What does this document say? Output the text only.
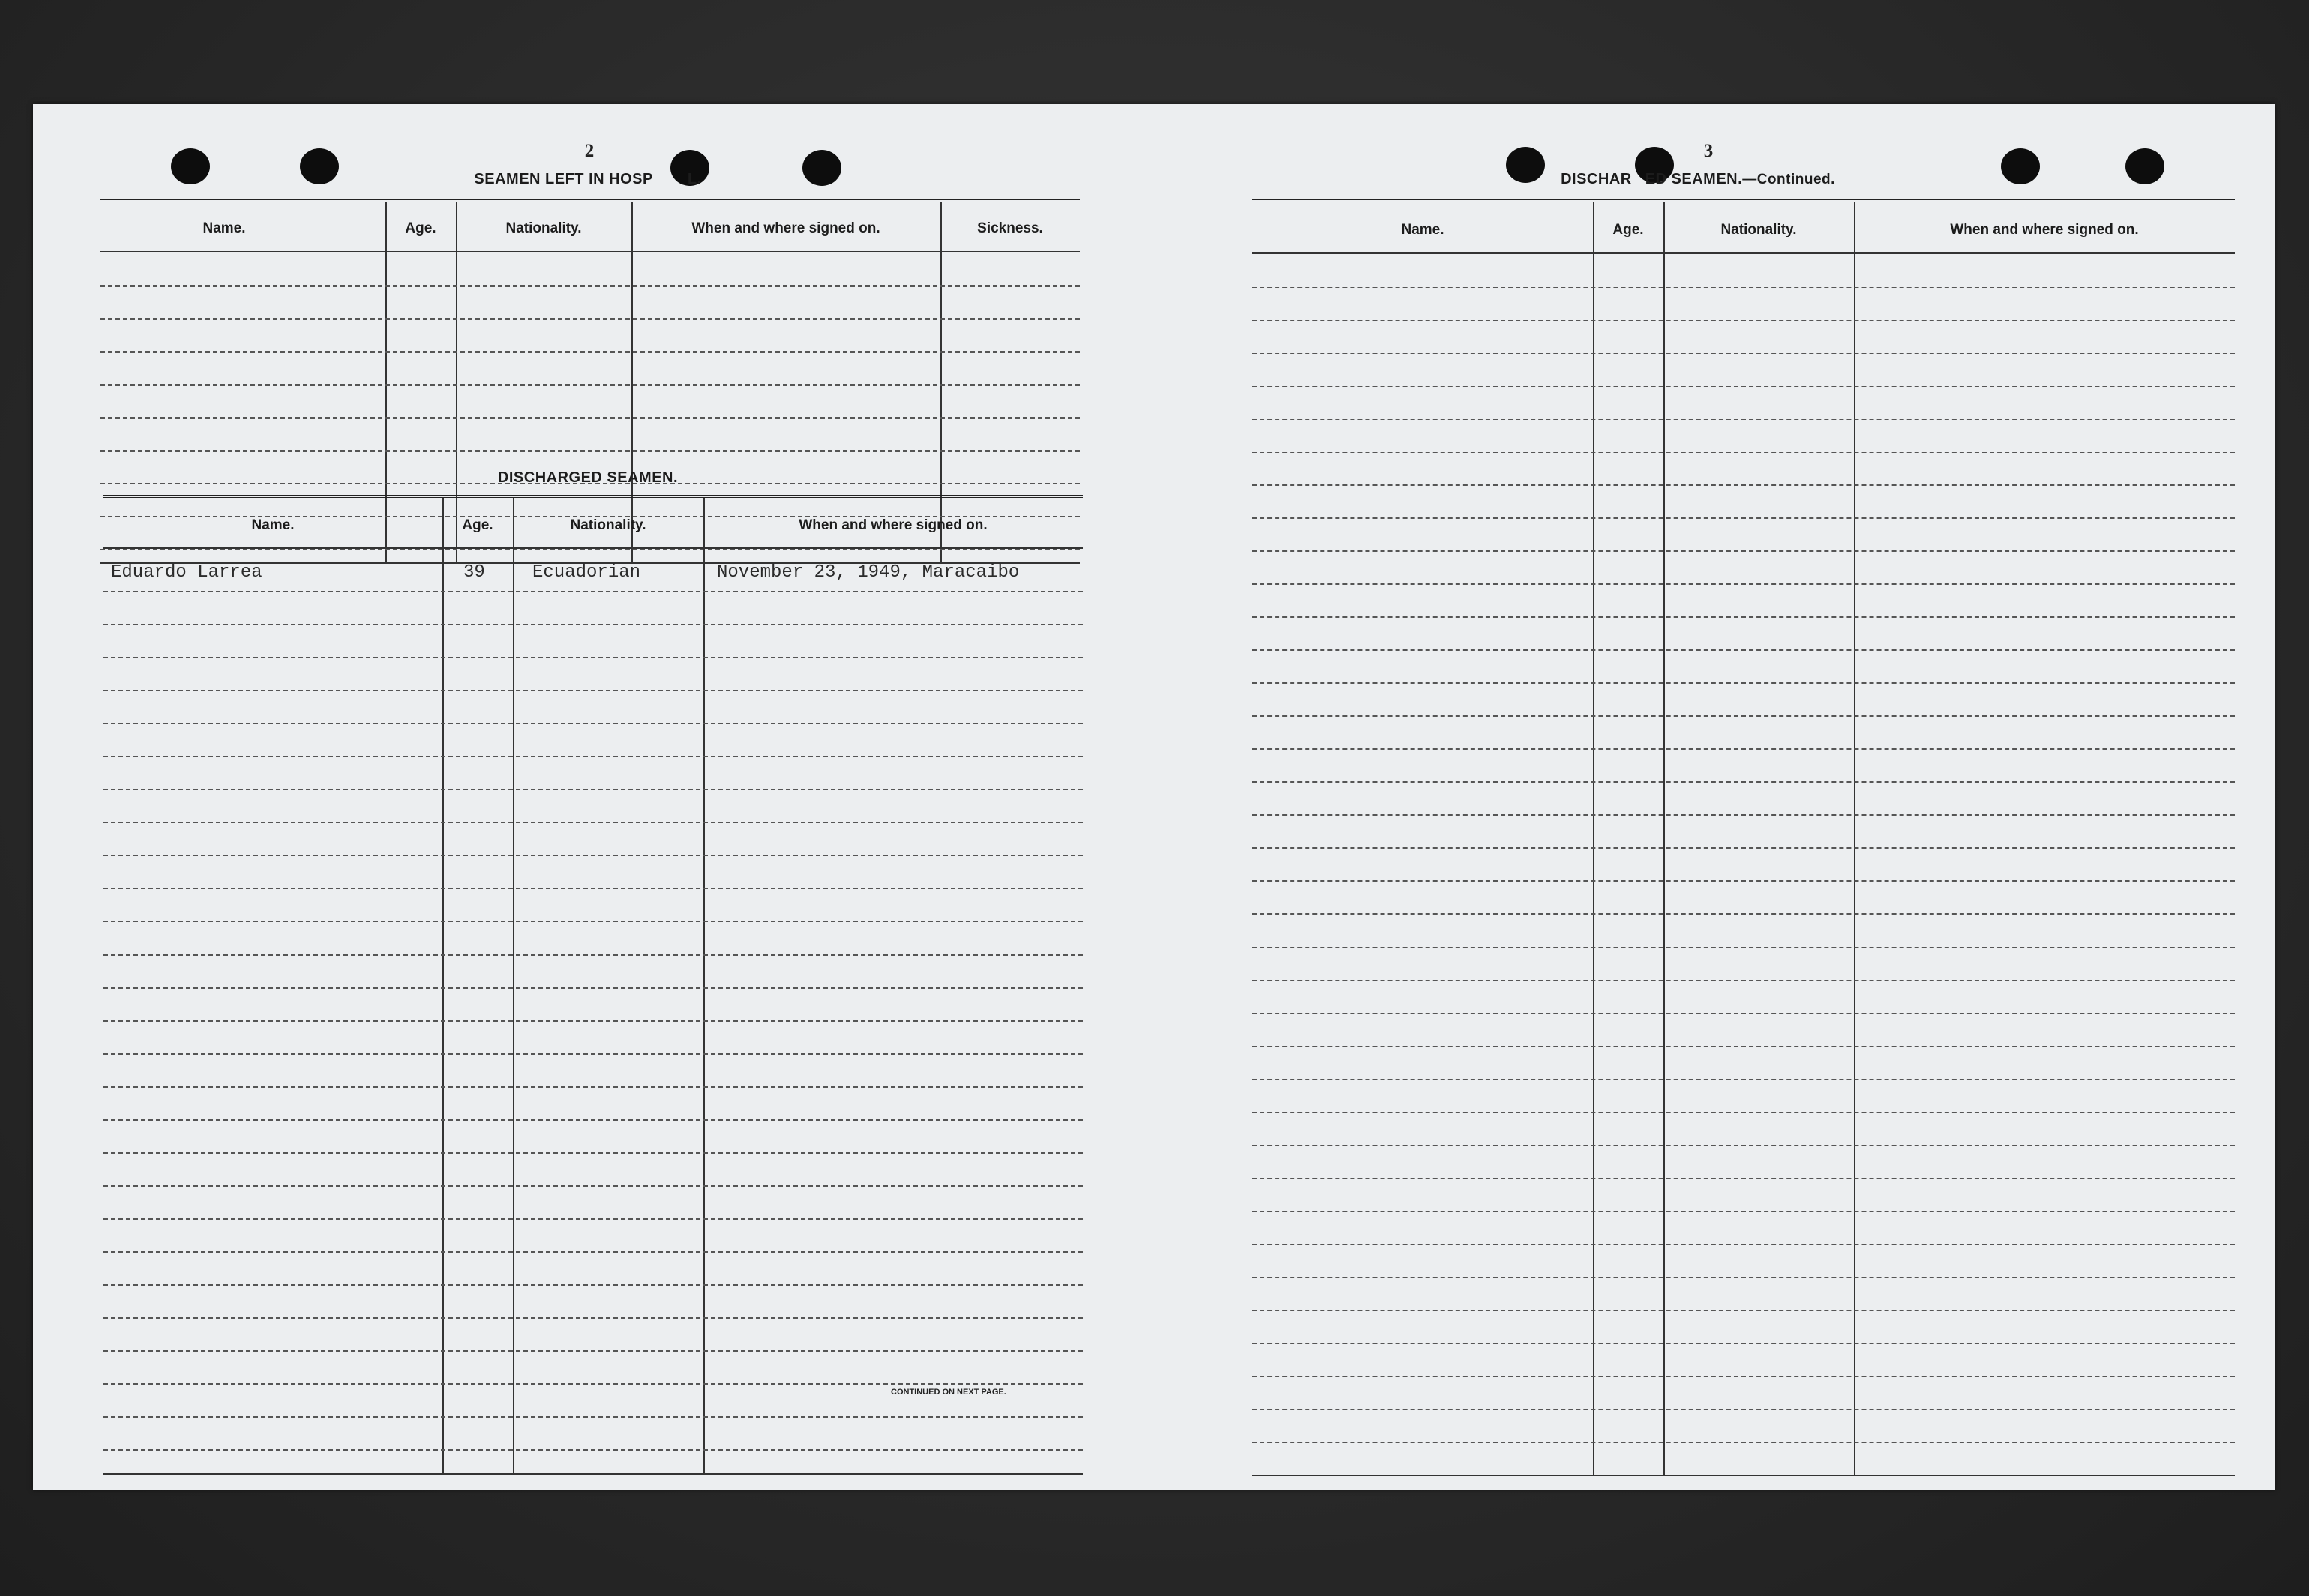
2
SEAMEN LEFT IN HOSP L.
Name.	Age.	Nationality.	When and where signed on.	Sickness.
DISCHARGED SEAMEN.
Name.	Age.	Nationality.	When and where signed on.
Eduardo Larrea	39	Ecuadorian	November 23, 1949, Maracaibo
CONTINUED ON NEXT PAGE.
3
DISCHAR ED SEAMEN.—Continued.
Name.	Age.	Nationality.	When and where signed on.
